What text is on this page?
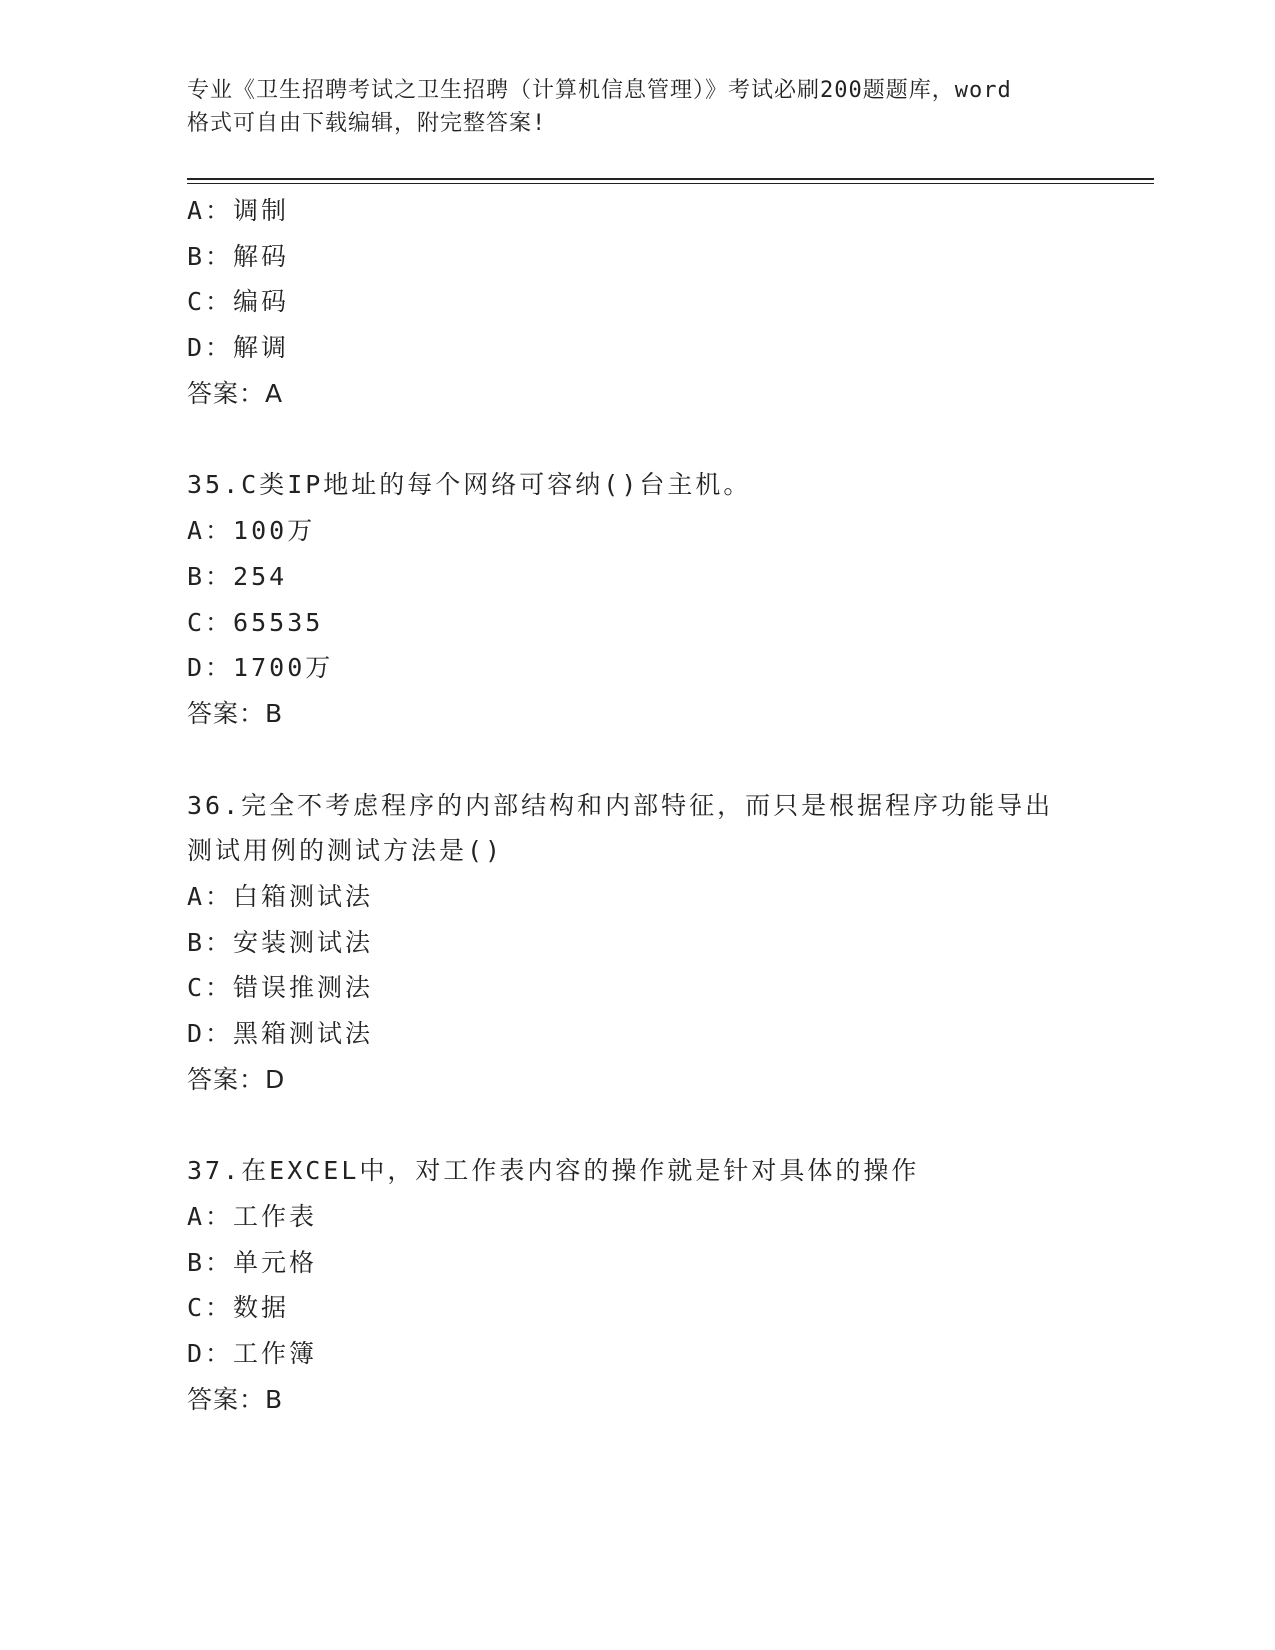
专业《卫生招聘考试之卫生招聘（计算机信息管理）》考试必刷200题题库，word
格式可自由下载编辑，附完整答案!
A：调制
B：解码
C：编码
D：解调
答案：A
35.C类IP地址的每个网络可容纳()台主机。
A：100万
B：254
C：65535
D：1700万
答案：B
36.完全不考虑程序的内部结构和内部特征，而只是根据程序功能导出
测试用例的测试方法是()
A：白箱测试法
B：安装测试法
C：错误推测法
D：黑箱测试法
答案：D
37.在EXCEL中，对工作表内容的操作就是针对具体的操作
A：工作表
B：单元格
C：数据
D：工作簿
答案：B
